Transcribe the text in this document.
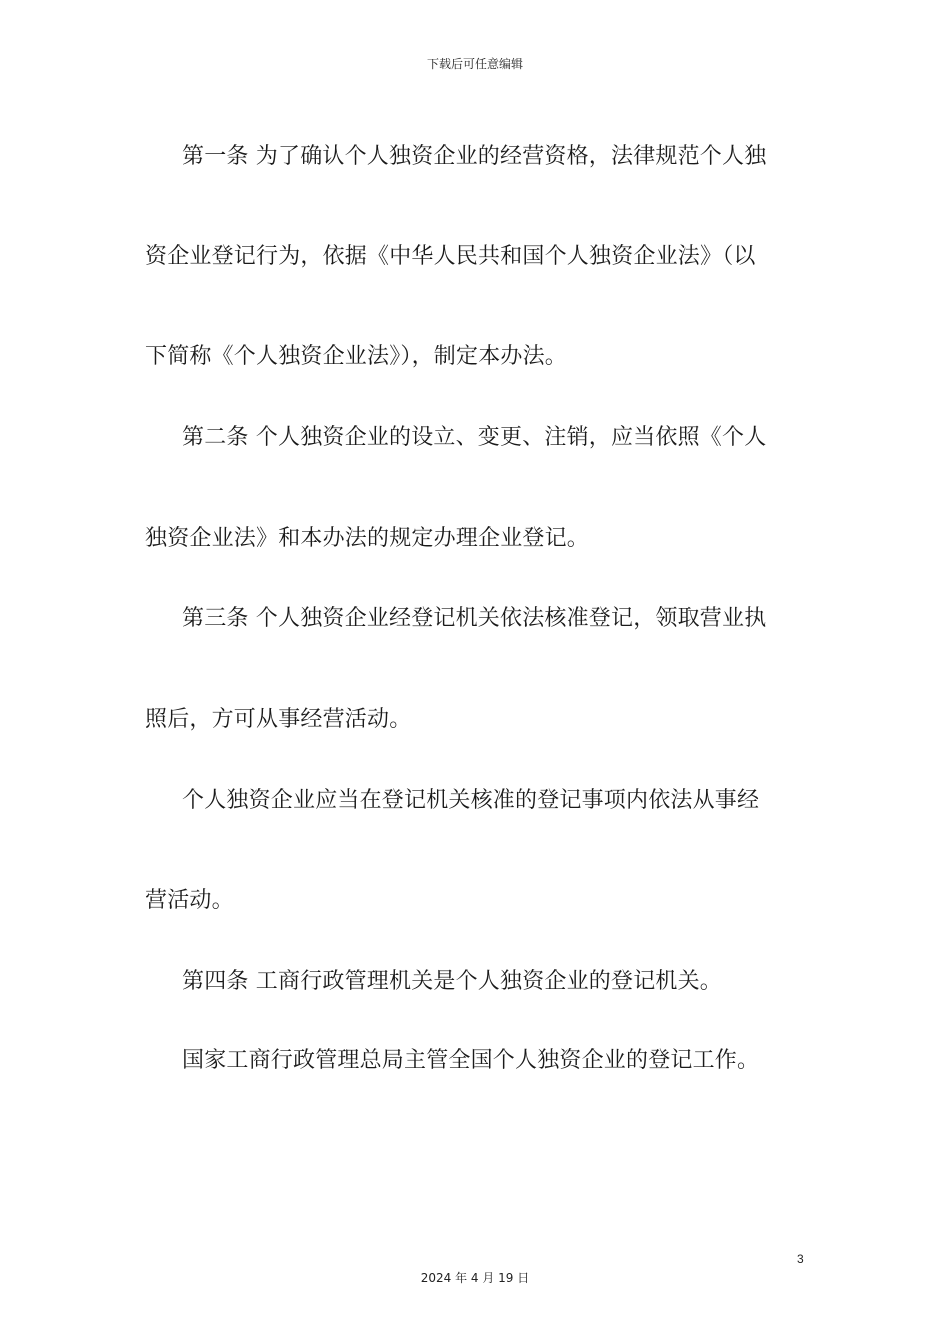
下载后可任意编辑
第一条 为了确认个人独资企业的经营资格，法律规范个人独
资企业登记行为，依据《中华人民共和国个人独资企业法》（以
下简称《个人独资企业法》），制定本办法。
第二条 个人独资企业的设立、变更、注销，应当依照《个人
独资企业法》和本办法的规定办理企业登记。
第三条 个人独资企业经登记机关依法核准登记，领取营业执
照后，方可从事经营活动。
个人独资企业应当在登记机关核准的登记事项内依法从事经
营活动。
第四条 工商行政管理机关是个人独资企业的登记机关。
国家工商行政管理总局主管全国个人独资企业的登记工作。
3
2024 年 4 月 19 日
